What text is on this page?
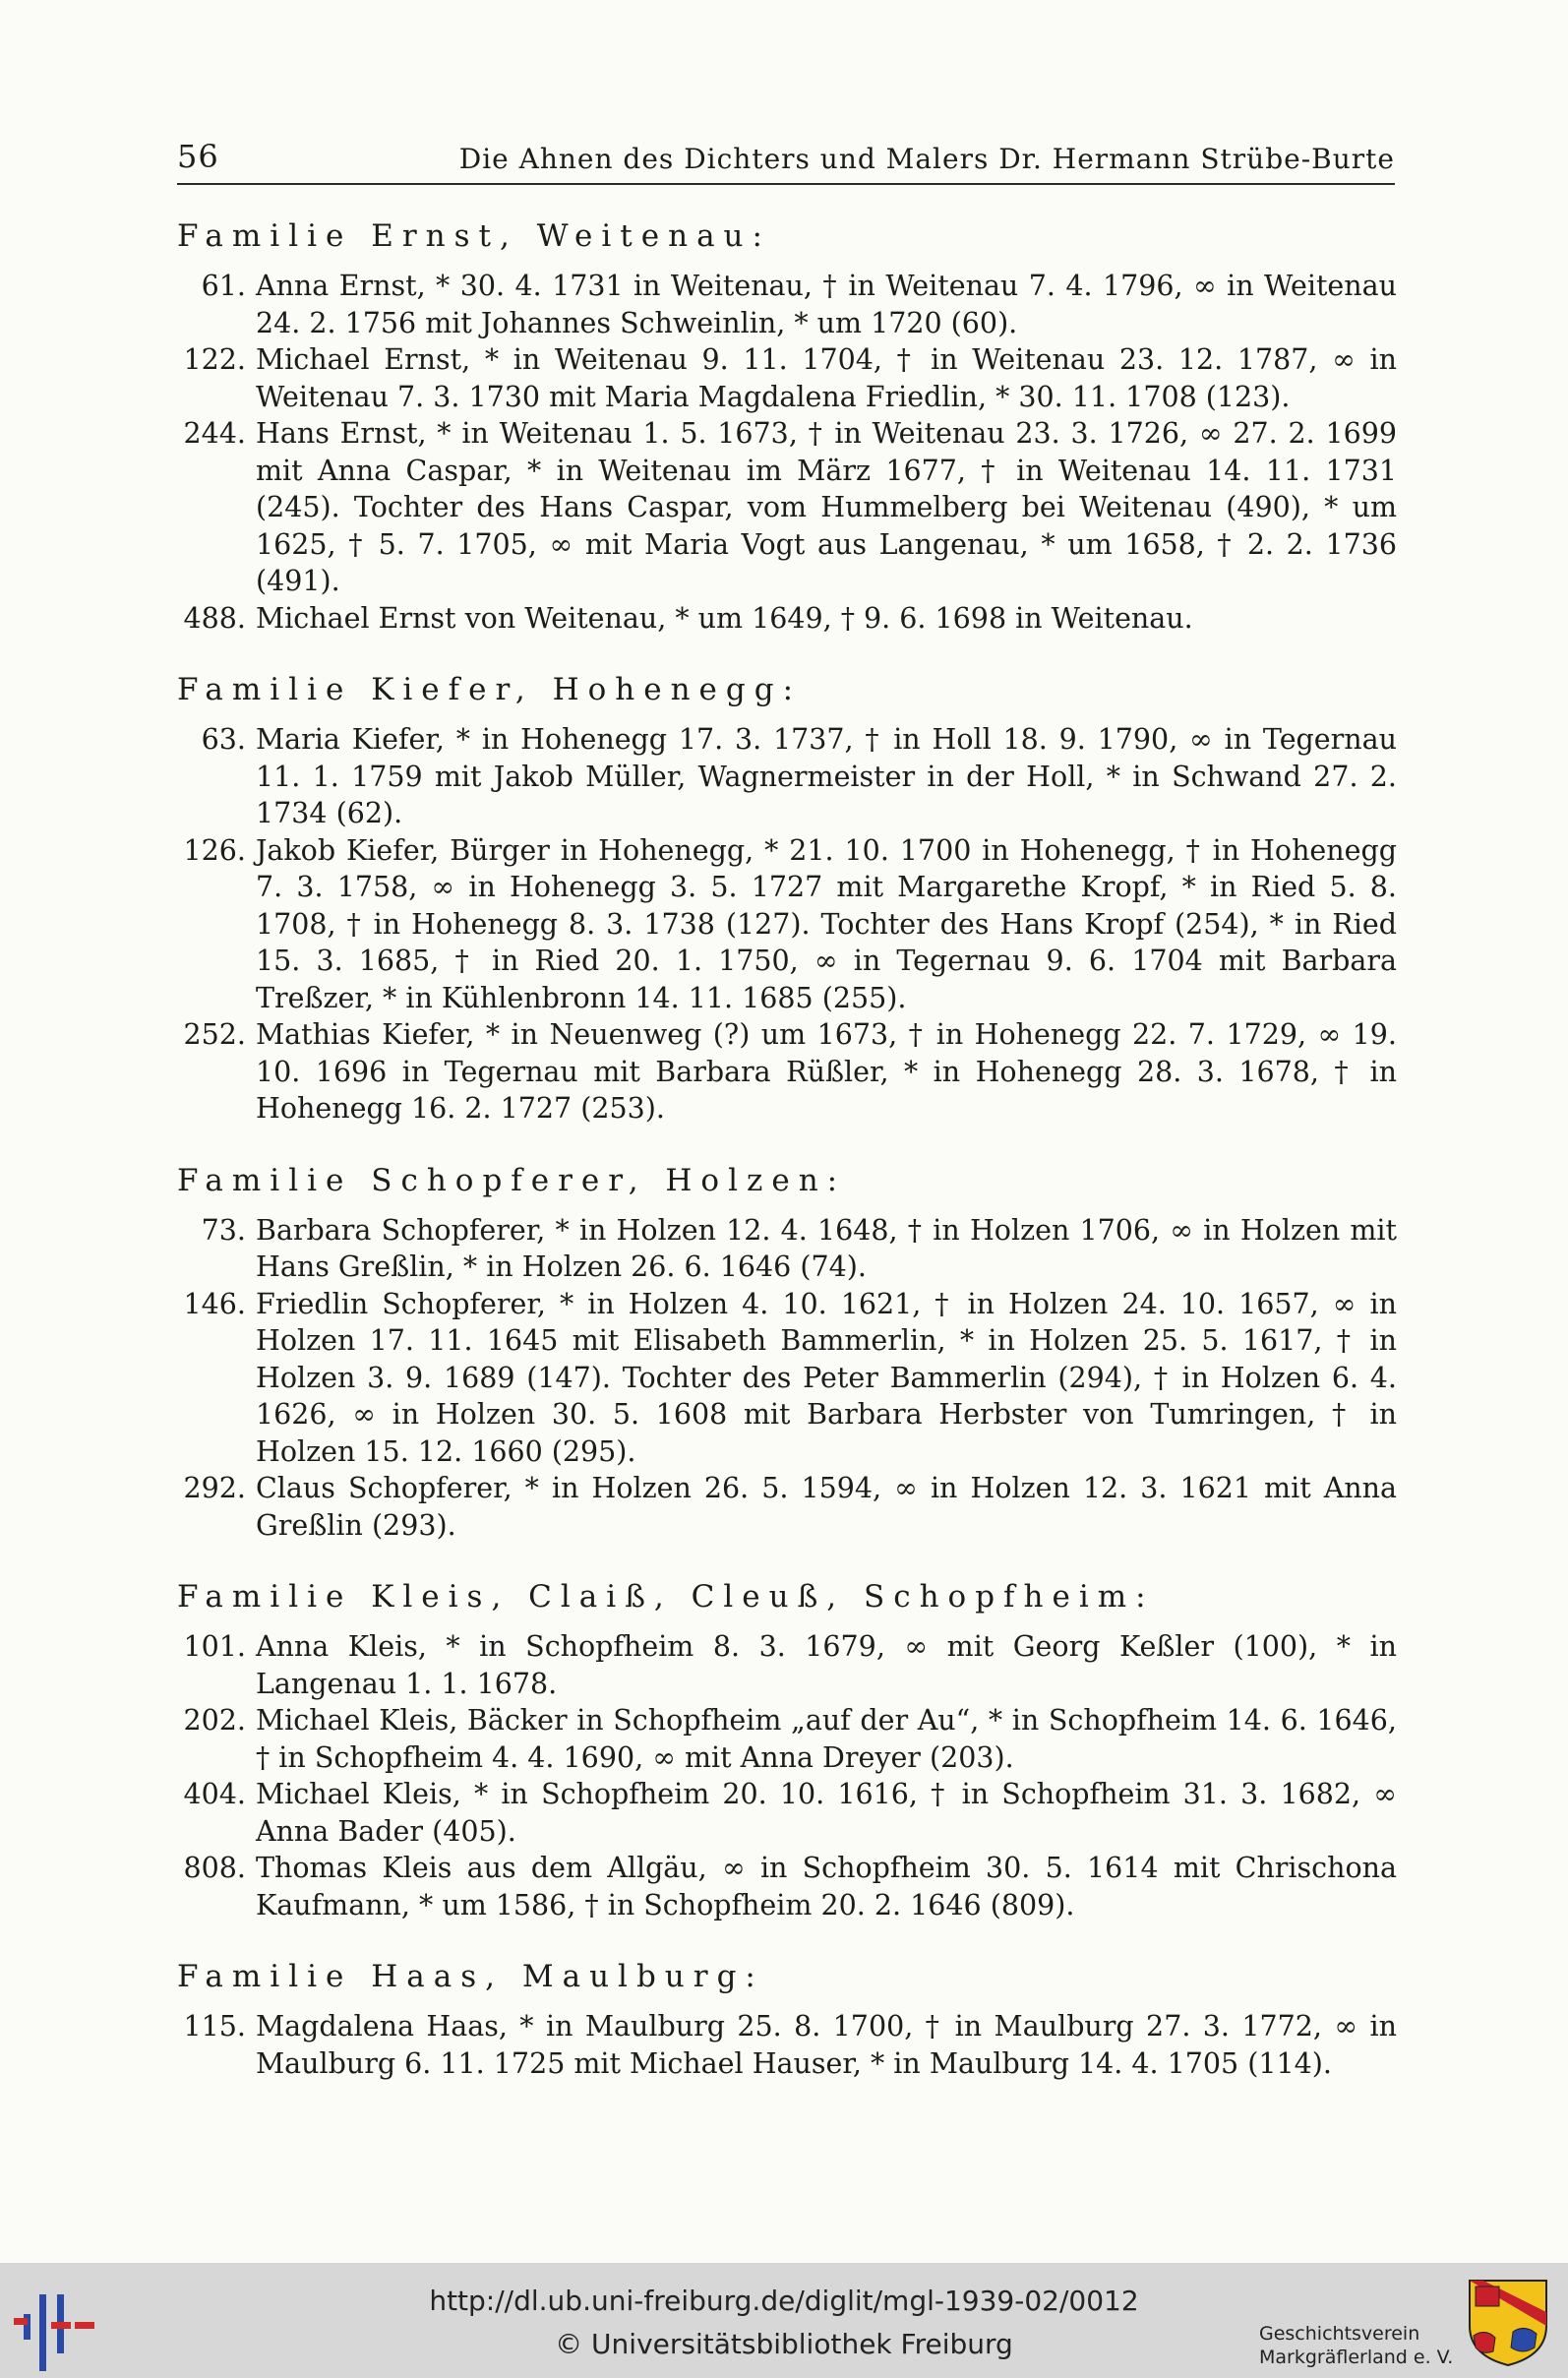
56	Die Ahnen des Dichters und Malers Dr. Hermann Strübe-Burte
Familie Ernst, Weitenau:
61. Anna Ernst, * 30. 4. 1731 in Weitenau, † in Weitenau 7. 4. 1796, ∞ in Weitenau 24. 2. 1756 mit Johannes Schweinlin, * um 1720 (60).
122. Michael Ernst, * in Weitenau 9. 11. 1704, † in Weitenau 23. 12. 1787, ∞ in Weitenau 7. 3. 1730 mit Maria Magdalena Friedlin, * 30. 11. 1708 (123).
244. Hans Ernst, * in Weitenau 1. 5. 1673, † in Weitenau 23. 3. 1726, ∞ 27. 2. 1699 mit Anna Caspar, * in Weitenau im März 1677, † in Weitenau 14. 11. 1731 (245). Tochter des Hans Caspar, vom Hummelberg bei Weitenau (490), * um 1625, † 5. 7. 1705, ∞ mit Maria Vogt aus Langenau, * um 1658, † 2. 2. 1736 (491).
488. Michael Ernst von Weitenau, * um 1649, † 9. 6. 1698 in Weitenau.
Familie Kiefer, Hohenegg:
63. Maria Kiefer, * in Hohenegg 17. 3. 1737, † in Holl 18. 9. 1790, ∞ in Tegernau 11. 1. 1759 mit Jakob Müller, Wagnermeister in der Holl, * in Schwand 27. 2. 1734 (62).
126. Jakob Kiefer, Bürger in Hohenegg, * 21. 10. 1700 in Hohenegg, † in Hohenegg 7. 3. 1758, ∞ in Hohenegg 3. 5. 1727 mit Margarethe Kropf, * in Ried 5. 8. 1708, † in Hohenegg 8. 3. 1738 (127). Tochter des Hans Kropf (254), * in Ried 15. 3. 1685, † in Ried 20. 1. 1750, ∞ in Tegernau 9. 6. 1704 mit Barbara Treßzer, * in Kühlenbronn 14. 11. 1685 (255).
252. Mathias Kiefer, * in Neuenweg (?) um 1673, † in Hohenegg 22. 7. 1729, ∞ 19. 10. 1696 in Tegernau mit Barbara Rüßler, * in Hohenegg 28. 3. 1678, † in Hohenegg 16. 2. 1727 (253).
Familie Schopferer, Holzen:
73. Barbara Schopferer, * in Holzen 12. 4. 1648, † in Holzen 1706, ∞ in Holzen mit Hans Greßlin, * in Holzen 26. 6. 1646 (74).
146. Friedlin Schopferer, * in Holzen 4. 10. 1621, † in Holzen 24. 10. 1657, ∞ in Holzen 17. 11. 1645 mit Elisabeth Bammerlin, * in Holzen 25. 5. 1617, † in Holzen 3. 9. 1689 (147). Tochter des Peter Bammerlin (294), † in Holzen 6. 4. 1626, ∞ in Holzen 30. 5. 1608 mit Barbara Herbster von Tumringen, † in Holzen 15. 12. 1660 (295).
292. Claus Schopferer, * in Holzen 26. 5. 1594, ∞ in Holzen 12. 3. 1621 mit Anna Greßlin (293).
Familie Kleis, Claiß, Cleuß, Schopfheim:
101. Anna Kleis, * in Schopfheim 8. 3. 1679, ∞ mit Georg Keßler (100), * in Langenau 1. 1. 1678.
202. Michael Kleis, Bäcker in Schopfheim „auf der Au“, * in Schopfheim 14. 6. 1646, † in Schopfheim 4. 4. 1690, ∞ mit Anna Dreyer (203).
404. Michael Kleis, * in Schopfheim 20. 10. 1616, † in Schopfheim 31. 3. 1682, ∞ Anna Bader (405).
808. Thomas Kleis aus dem Allgäu, ∞ in Schopfheim 30. 5. 1614 mit Chrischona Kaufmann, * um 1586, † in Schopfheim 20. 2. 1646 (809).
Familie Haas, Maulburg:
115. Magdalena Haas, * in Maulburg 25. 8. 1700, † in Maulburg 27. 3. 1772, ∞ in Maulburg 6. 11. 1725 mit Michael Hauser, * in Maulburg 14. 4. 1705 (114).
http://dl.ub.uni-freiburg.de/diglit/mgl-1939-02/0012
© Universitätsbibliothek Freiburg	Geschichtsverein
Markgräflerland e. V.
